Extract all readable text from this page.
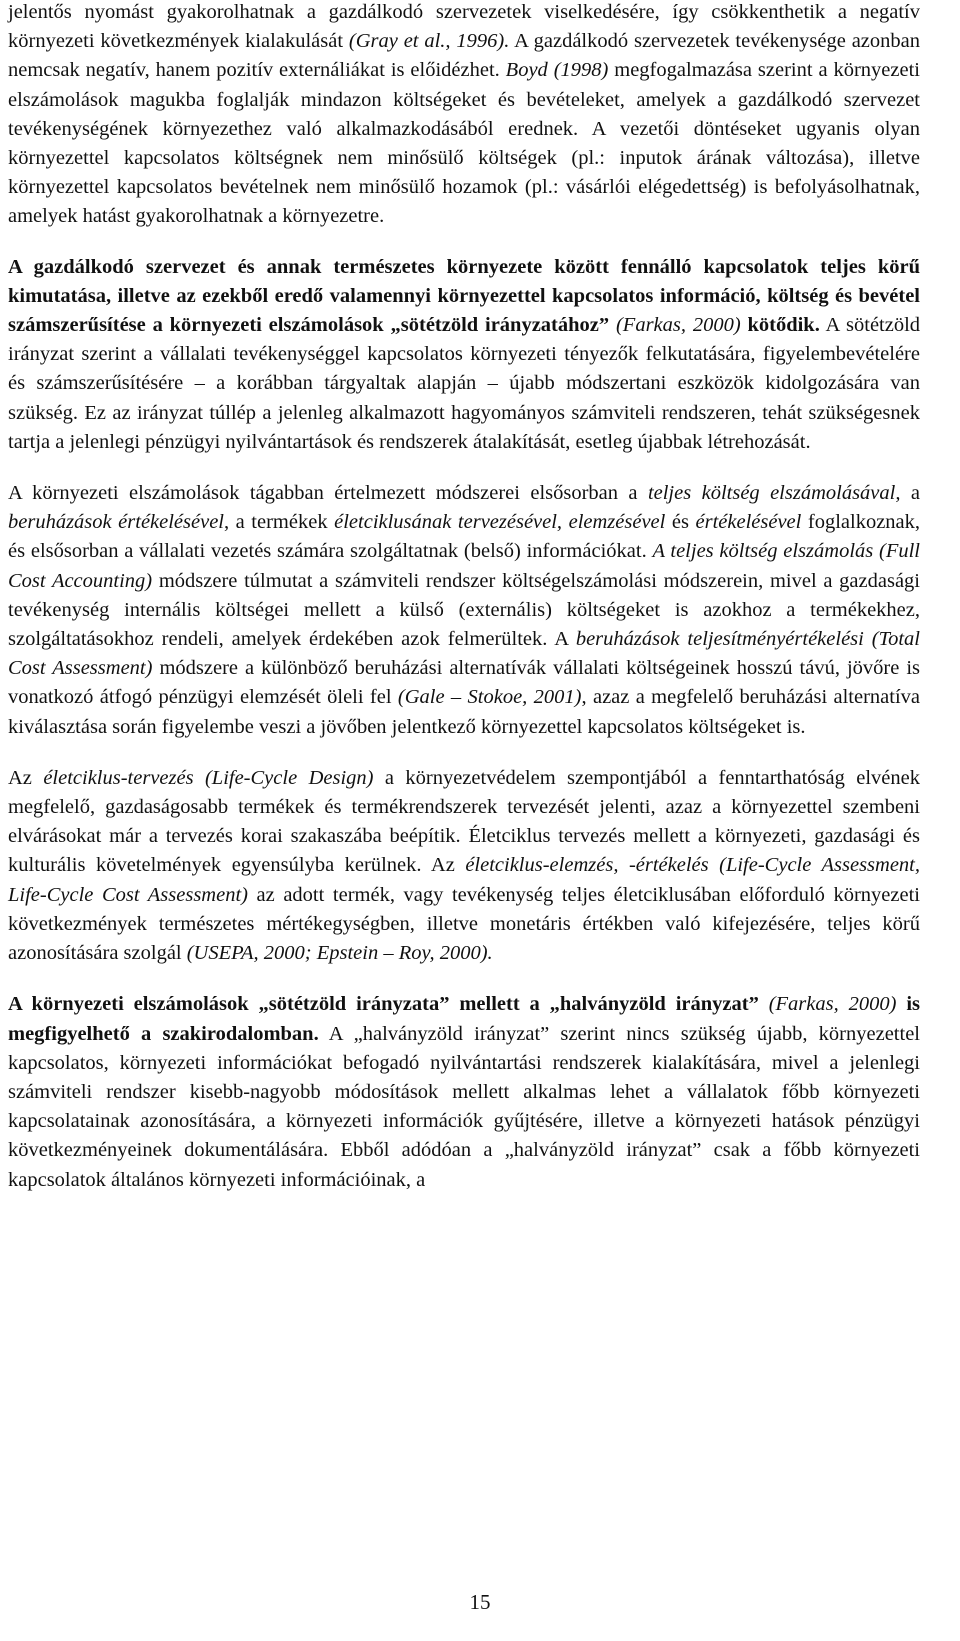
jelentős nyomást gyakorolhatnak a gazdálkodó szervezetek viselkedésére, így csökkenthetik a negatív környezeti következmények kialakulását (Gray et al., 1996). A gazdálkodó szervezetek tevékenysége azonban nemcsak negatív, hanem pozitív externáliákat is előidézhet. Boyd (1998) megfogalmazása szerint a környezeti elszámolások magukba foglalják mindazon költségeket és bevételeket, amelyek a gazdálkodó szervezet tevékenységének környezethez való alkalmazkodásából erednek. A vezetői döntéseket ugyanis olyan környezettel kapcsolatos költségnek nem minősülő költségek (pl.: inputok árának változása), illetve környezettel kapcsolatos bevételnek nem minősülő hozamok (pl.: vásárlói elégedettség) is befolyásolhatnak, amelyek hatást gyakorolhatnak a környezetre.

A gazdálkodó szervezet és annak természetes környezete között fennálló kapcsolatok teljes körű kimutatása, illetve az ezekből eredő valamennyi környezettel kapcsolatos információ, költség és bevétel számszerűsítése a környezeti elszámolások „sötétzöld irányzatához” (Farkas, 2000) kötődik. A sötétzöld irányzat szerint a vállalati tevékenységgel kapcsolatos környezeti tényezők felkutatására, figyelembevételére és számszerűsítésére – a korábban tárgyaltak alapján – újabb módszertani eszközök kidolgozására van szükség. Ez az irányzat túllép a jelenleg alkalmazott hagyományos számviteli rendszeren, tehát szükségesnek tartja a jelenlegi pénzügyi nyilvántartások és rendszerek átalakítását, esetleg újabbak létrehozását.

A környezeti elszámolások tágabban értelmezett módszerei elsősorban a teljes költség elszámolásával, a beruházások értékelésével, a termékek életciklusának tervezésével, elemzésével és értékelésével foglalkoznak, és elsősorban a vállalati vezetés számára szolgáltatnak (belső) információkat. A teljes költség elszámolás (Full Cost Accounting) módszere túlmutat a számviteli rendszer költségelszámolási módszerein, mivel a gazdasági tevékenység internális költségei mellett a külső (externális) költségeket is azokhoz a termékekhez, szolgáltatásokhoz rendeli, amelyek érdekében azok felmerültek. A beruházások teljesítményértékelési (Total Cost Assessment) módszere a különböző beruházási alternatívák vállalati költségeinek hosszú távú, jövőre is vonatkozó átfogó pénzügyi elemzését öleli fel (Gale – Stokoe, 2001), azaz a megfelelő beruházási alternatíva kiválasztása során figyelembe veszi a jövőben jelentkező környezettel kapcsolatos költségeket is.

Az életciklus-tervezés (Life-Cycle Design) a környezetvédelem szempontjából a fenntarthatóság elvének megfelelő, gazdaságosabb termékek és termékrendszerek tervezését jelenti, azaz a környezettel szembeni elvárásokat már a tervezés korai szakaszába beépítik. Életciklus tervezés mellett a környezeti, gazdasági és kulturális követelmények egyensúlyba kerülnek. Az életciklus-elemzés, -értékelés (Life-Cycle Assessment, Life-Cycle Cost Assessment) az adott termék, vagy tevékenység teljes életciklusában előforduló környezeti következmények természetes mértékegységben, illetve monetáris értékben való kifejezésére, teljes körű azonosítására szolgál (USEPA, 2000; Epstein – Roy, 2000).

A környezeti elszámolások „sötétzöld irányzata” mellett a „halványzöld irányzat” (Farkas, 2000) is megfigyelhető a szakirodalomban. A „halványzöld irányzat” szerint nincs szükség újabb, környezettel kapcsolatos, környezeti információkat befogadó nyilvántartási rendszerek kialakítására, mivel a jelenlegi számviteli rendszer kisebb-nagyobb módosítások mellett alkalmas lehet a vállalatok főbb környezeti kapcsolatainak azonosítására, a környezeti információk gyűjtésére, illetve a környezeti hatások pénzügyi következményeinek dokumentálására. Ebből adódóan a „halványzöld irányzat” csak a főbb környezeti kapcsolatok általános környezeti információinak, a

15
